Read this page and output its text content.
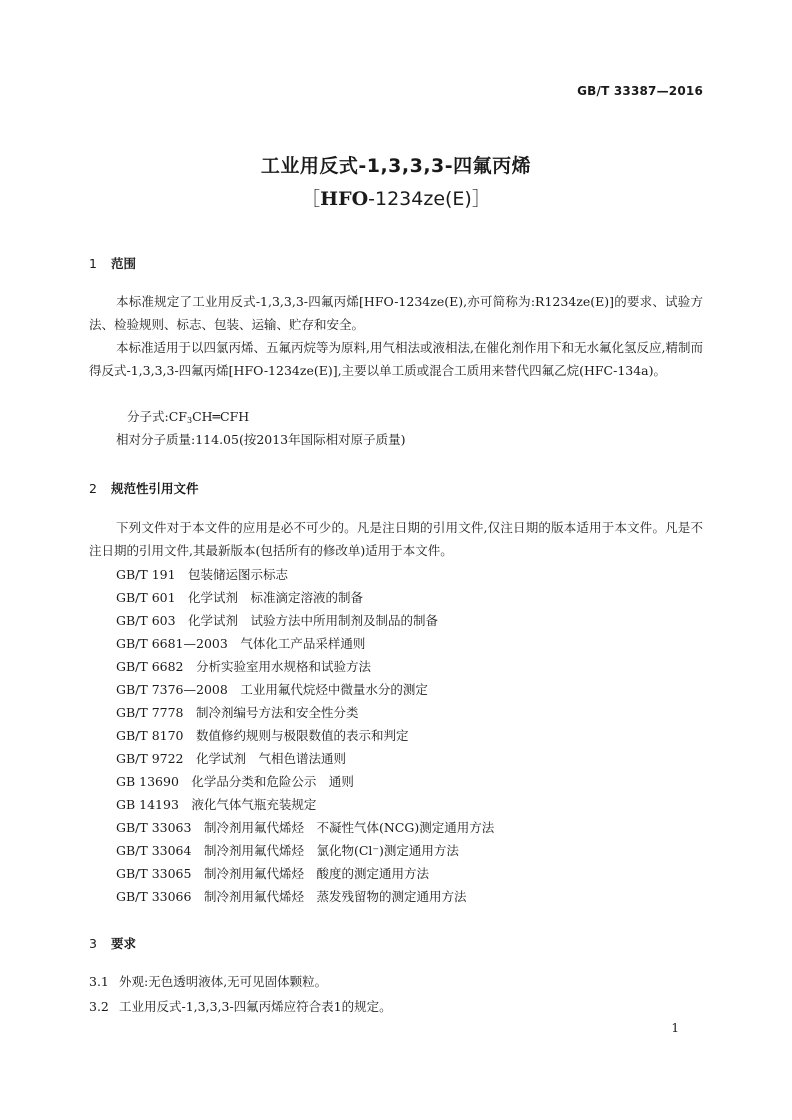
GB/T 33387—2016
工业用反式-1,3,3,3-四氟丙烯
［HFO-1234ze(E)］
1 范围
本标准规定了工业用反式-1,3,3,3-四氟丙烯[HFO-1234ze(E),亦可简称为:R1234ze(E)]的要求、试验方法、检验规则、标志、包装、运输、贮存和安全。
本标准适用于以四氯丙烯、五氟丙烷等为原料,用气相法或液相法,在催化剂作用下和无水氟化氢反应,精制而得反式-1,3,3,3-四氟丙烯[HFO-1234ze(E)],主要以单工质或混合工质用来替代四氟乙烷(HFC-134a)。
分子式$:CF_3CH═CFH$
相对分子质量:114.05(按2013年国际相对原子质量)
2 规范性引用文件
下列文件对于本文件的应用是必不可少的。凡是注日期的引用文件,仅注日期的版本适用于本文件。凡是不注日期的引用文件,其最新版本(包括所有的修改单)适用于本文件。
GB/T 191　包装储运图示标志
GB/T 601　化学试剂　标准滴定溶液的制备
GB/T 603　化学试剂　试验方法中所用制剂及制品的制备
GB/T 6681—2003　气体化工产品采样通则
GB/T 6682　分析实验室用水规格和试验方法
GB/T 7376—2008　工业用氟代烷烃中微量水分的测定
GB/T 7778　制冷剂编号方法和安全性分类
GB/T 8170　数值修约规则与极限数值的表示和判定
GB/T 9722　化学试剂　气相色谱法通则
GB 13690　化学品分类和危险公示　通则
GB 14193　液化气体气瓶充装规定
GB/T 33063　制冷剂用氟代烯烃　不凝性气体(NCG)测定通用方法
GB/T 33064　制冷剂用氟代烯烃　氯化物(Cl⁻)测定通用方法
GB/T 33065　制冷剂用氟代烯烃　酸度的测定通用方法
GB/T 33066　制冷剂用氟代烯烃　蒸发残留物的测定通用方法
3 要求
3.1 外观:无色透明液体,无可见固体颗粒。
3.2 工业用反式-1,3,3,3-四氟丙烯应符合表1的规定。
1
